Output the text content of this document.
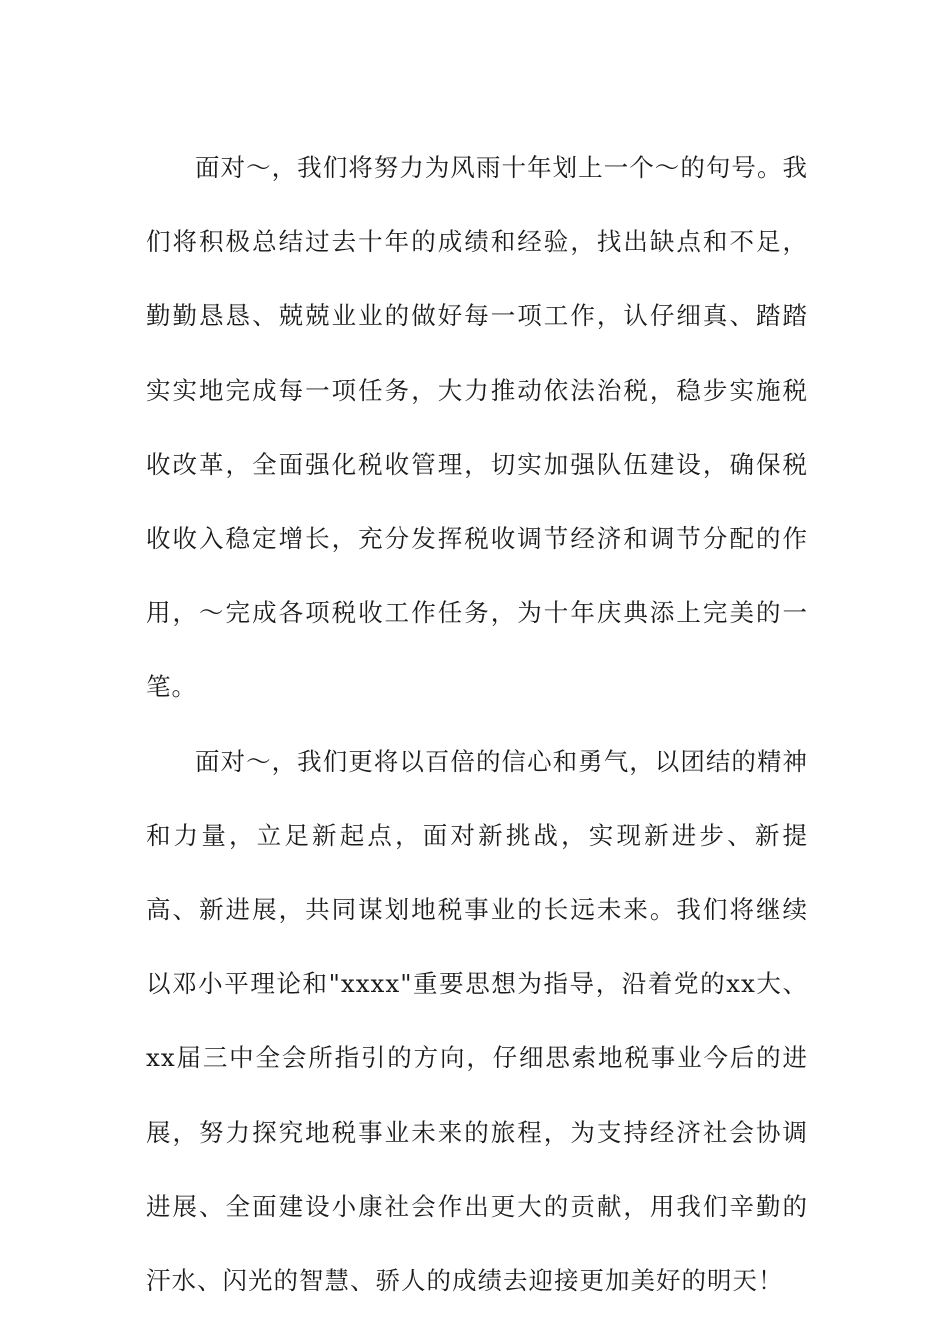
面对～，我们将努力为风雨十年划上一个～的句号。我们将积极总结过去十年的成绩和经验，找出缺点和不足，勤勤恳恳、兢兢业业的做好每一项工作，认仔细真、踏踏实实地完成每一项任务，大力推动依法治税，稳步实施税收改革，全面强化税收管理，切实加强队伍建设，确保税收收入稳定增长，充分发挥税收调节经济和调节分配的作用，～完成各项税收工作任务，为十年庆典添上完美的一笔。

面对～，我们更将以百倍的信心和勇气，以团结的精神和力量，立足新起点，面对新挑战，实现新进步、新提高、新进展，共同谋划地税事业的长远未来。我们将继续以邓小平理论和"xxxx"重要思想为指导，沿着党的xx大、xx届三中全会所指引的方向，仔细思索地税事业今后的进展，努力探究地税事业未来的旅程，为支持经济社会协调进展、全面建设小康社会作出更大的贡献，用我们辛勤的汗水、闪光的智慧、骄人的成绩去迎接更加美好的明天！
